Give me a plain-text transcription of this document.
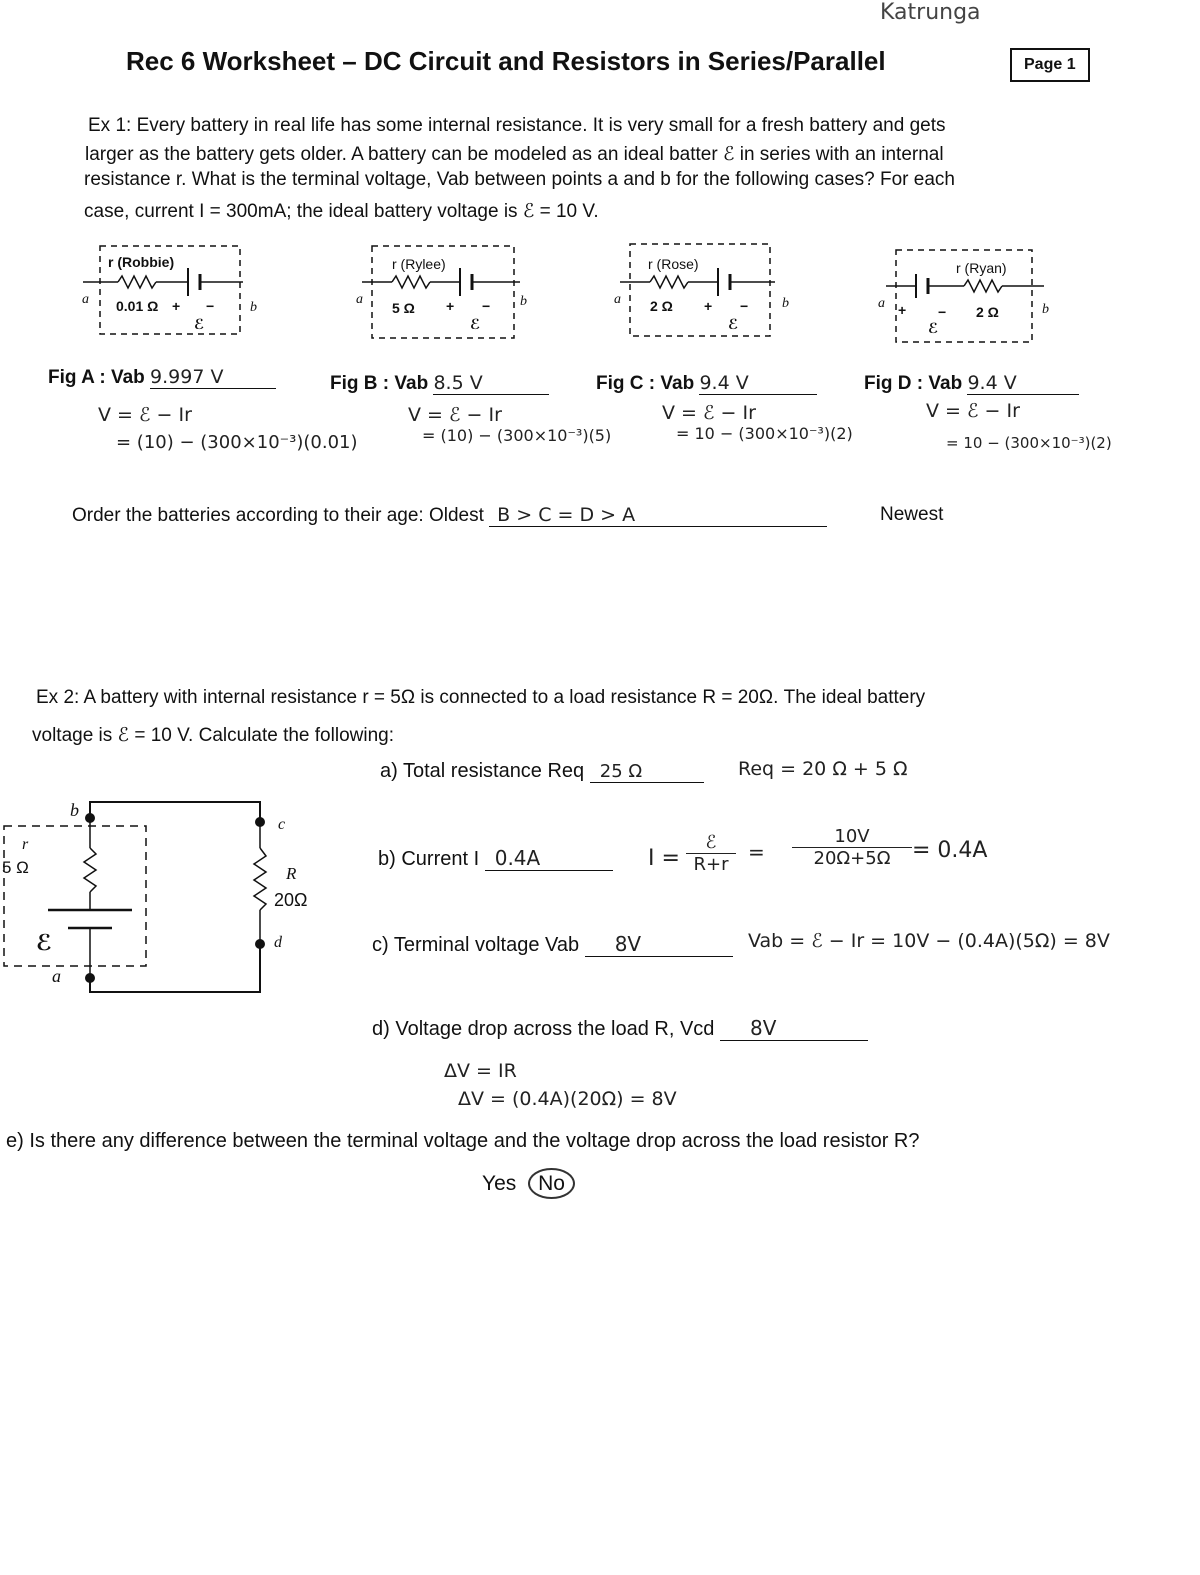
Katrunga
Rec 6 Worksheet – DC Circuit and Resistors in Series/Parallel	Page 1
Ex 1: Every battery in real life has some internal resistance. It is very small for a fresh battery and gets
larger as the battery gets older. A battery can be modeled as an ideal batter ℰ in series with an internal
resistance r. What is the terminal voltage, Vab between points a and b for the following cases? For each
case, current I = 300mA; the ideal battery voltage is ℰ = 10 V.
r (Robbie)
a 0.01 Ω + −	b
ℰ
r (Rylee)
a
5 Ω + − b
ℰ
r (Rose)
a 2 Ω + − b
ℰ
r (Ryan)
a + − 2 Ω	b
ℰ
Fig A : Vab 9.997 V
V = ℰ − Ir
= (10) − (300×10⁻³)(0.01)
Fig B : Vab 8.5 V
V = ℰ − Ir
= (10) − (300×10⁻³)(5)
Fig C : Vab 9.4 V
V = ℰ − Ir
= 10 − (300×10⁻³)(2)
Fig D : Vab 9.4 V
V = ℰ − Ir
= 10 − (300×10⁻³)(2)
Order the batteries according to their age: Oldest B > C = D > A	Newest
Ex 2: A battery with internal resistance r = 5Ω is connected to a load resistance R = 20Ω. The ideal battery
voltage is ℰ = 10 V. Calculate the following:
b
c
r
5 Ω	R
20Ω
ℰ	d
a
a) Total resistance Req 25 Ω	Req = 20 Ω + 5 Ω
b) Current I 0.4A	I =
ℰ
R+r
= $\frac{10V}{20\Omega+5\Omega} = 0.4A$
c) Terminal voltage Vab 8V	Vab = ℰ − Ir = 10V − (0.4A)(5Ω) = 8V
d) Voltage drop across the load R, Vcd 8V
ΔV = IR
ΔV = (0.4A)(20Ω) = 8V
e) Is there any difference between the terminal voltage and the voltage drop across the load resistor R?
Yes No
